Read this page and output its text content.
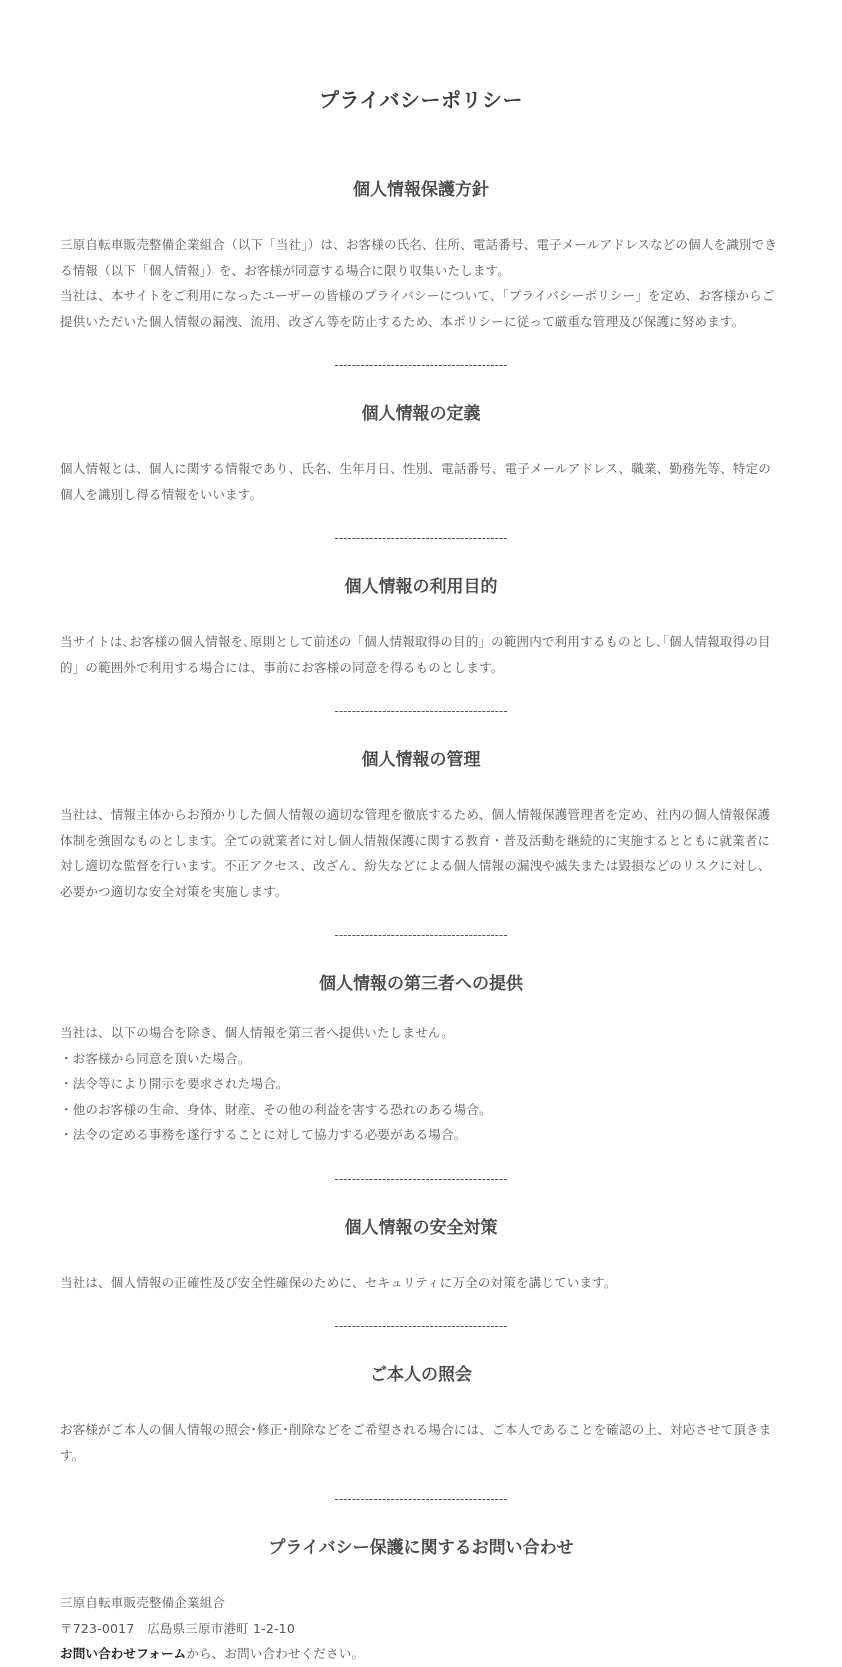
プライバシーポリシー
個人情報保護方針

三原自転車販売整備企業組合（以下「当社」）は、お客様の氏名、住所、電話番号、電子メールアドレスなどの個人を識別できる情報（以下「個人情報」）を、お客様が同意する場合に限り収集いたします。

当社は、本サイトをご利用になったユーザーの皆様のプライバシーについて、「プライバシーポリシー」を定め、お客様からご提供いただいた個人情報の漏洩、流用、改ざん等を防止するため、本ポリシーに従って厳重な管理及び保護に努めます。

----------------------------------------
個人情報の定義

個人情報とは、個人に関する情報であり、氏名、生年月日、性別、電話番号、電子メールアドレス、職業、勤務先等、特定の個人を識別し得る情報をいいます。

----------------------------------------
個人情報の利用目的

当サイトは､お客様の個人情報を､原則として前述の「個人情報取得の目的」の範囲内で利用するものとし､｢個人情報取得の目的」の範囲外で利用する場合には、事前にお客様の同意を得るものとします。

----------------------------------------
個人情報の管理

当社は、情報主体からお預かりした個人情報の適切な管理を徹底するため、個人情報保護管理者を定め、社内の個人情報保護体制を強固なものとします。全ての就業者に対し個人情報保護に関する教育・普及活動を継続的に実施するとともに就業者に対し適切な監督を行います。不正アクセス、改ざん、紛失などによる個人情報の漏洩や滅失または毀損などのリスクに対し、必要かつ適切な安全対策を実施します。

----------------------------------------
個人情報の第三者への提供

当社は、以下の場合を除き、個人情報を第三者へ提供いたしません。

・お客様から同意を頂いた場合。

・法令等により開示を要求された場合。

・他のお客様の生命、身体、財産、その他の利益を害する恐れのある場合。

・法令の定める事務を遂行することに対して協力する必要がある場合。

----------------------------------------
個人情報の安全対策

当社は、個人情報の正確性及び安全性確保のために、セキュリティに万全の対策を講じています。

----------------------------------------
ご本人の照会

お客様がご本人の個人情報の照会･修正･削除などをご希望される場合には、ご本人であることを確認の上、対応させて頂きます。

----------------------------------------
プライバシー保護に関するお問い合わせ

三原自転車販売整備企業組合

〒723-0017　広島県三原市港町 1-2-10

お問い合わせフォームから、お問い合わせください。
